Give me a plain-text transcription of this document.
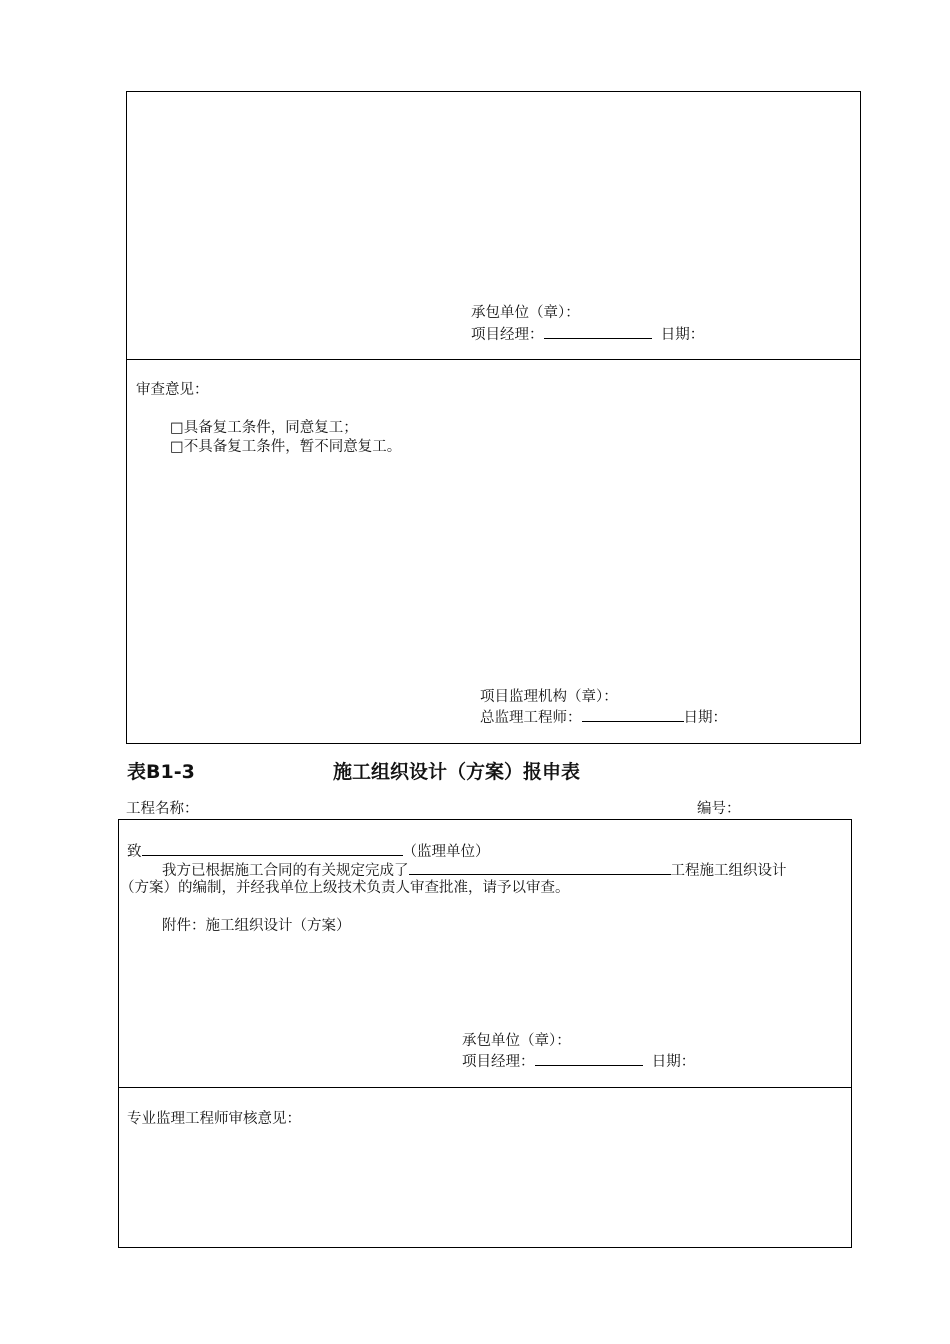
承包单位（章）：
项目经理：	日期：
审查意见：
□具备复工条件，同意复工；
□不具备复工条件，暂不同意复工。
项目监理机构（章）：
总监理工程师：	日期：
表B1-3	施工组织设计（方案）报申表
工程名称：	编号：
致	（监理单位）
我方已根据施工合同的有关规定完成了	工程施工组织设计
（方案）的编制，并经我单位上级技术负责人审查批准，请予以审查。
附件：施工组织设计（方案）
承包单位（章）：
项目经理：	日期：
专业监理工程师审核意见：
